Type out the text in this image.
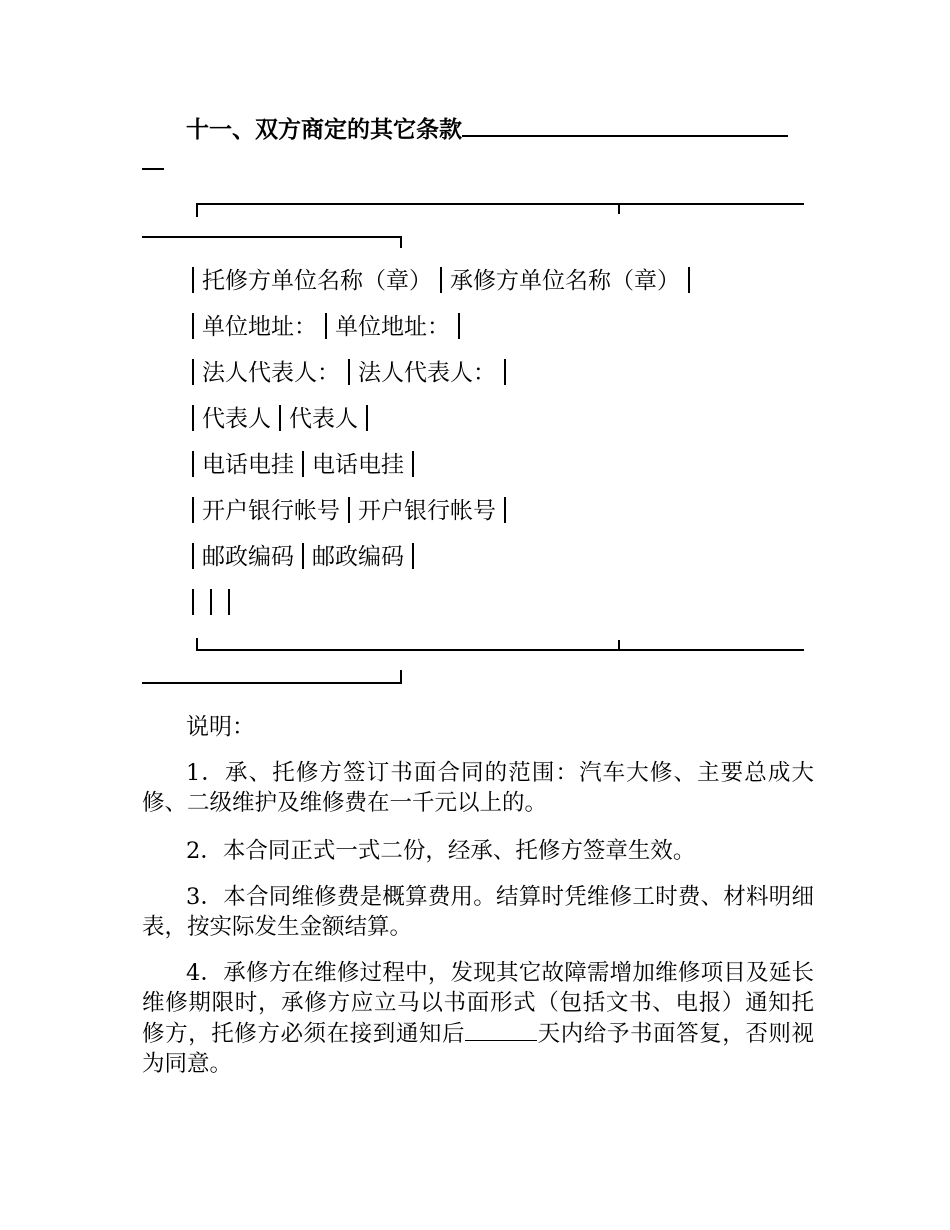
十一、双方商定的其它条款
托修方单位名称（章） 承修方单位名称（章）
单位地址： 单位地址：
法人代表人： 法人代表人：
代表人 代表人
电话电挂 电话电挂
开户银行帐号 开户银行帐号
邮政编码 邮政编码
说明：
1．承、托修方签订书面合同的范围：汽车大修、主要总成大修、二级维护及维修费在一千元以上的。
2．本合同正式一式二份，经承、托修方签章生效。
3．本合同维修费是概算费用。结算时凭维修工时费、材料明细表，按实际发生金额结算。
4．承修方在维修过程中，发现其它故障需增加维修项目及延长维修期限时，承修方应立马以书面形式（包括文书、电报）通知托修方，托修方必须在接到通知后	天内给予书面答复，否则视为同意。
